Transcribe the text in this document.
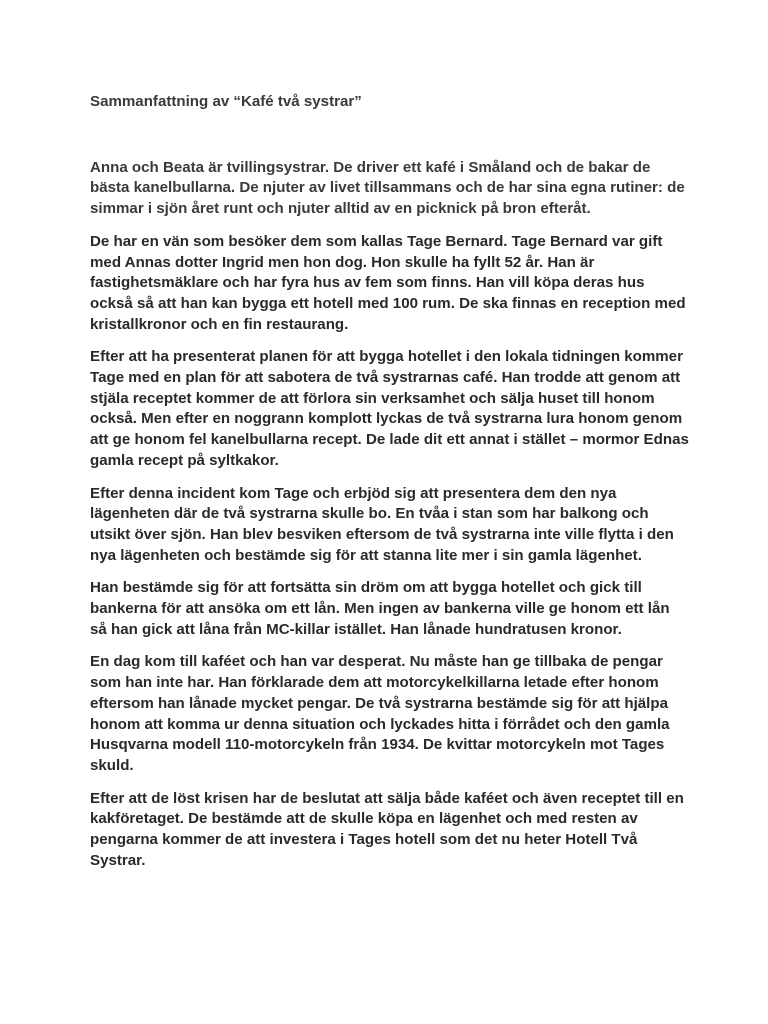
Sammanfattning av “Kafé två systrar”

Anna och Beata är tvillingsystrar. De driver ett kafé i Småland och de bakar de bästa kanelbullarna. De njuter av livet tillsammans och de har sina egna rutiner: de simmar i sjön året runt och njuter alltid av en picknick på bron efteråt.

De har en vän som besöker dem som kallas Tage Bernard. Tage Bernard var gift med Annas dotter Ingrid men hon dog. Hon skulle ha fyllt 52 år. Han är fastighetsmäklare och har fyra hus av fem som finns. Han vill köpa deras hus också så att han kan bygga ett hotell med 100 rum. De ska finnas en reception med kristallkronor och en fin restaurang.

Efter att ha presenterat planen för att bygga hotellet i den lokala tidningen kommer Tage med en plan för att sabotera de två systrarnas café. Han trodde att genom att stjäla receptet kommer de att förlora sin verksamhet och sälja huset till honom också. Men efter en noggrann komplott lyckas de två systrarna lura honom genom att ge honom fel kanelbullarna recept. De lade dit ett annat i stället – mormor Ednas gamla recept på syltkakor.

Efter denna incident kom Tage och erbjöd sig att presentera dem den nya lägenheten där de två systrarna skulle bo. En tvåa i stan som har balkong och utsikt över sjön. Han blev besviken eftersom de två systrarna inte ville flytta i den nya lägenheten och bestämde sig för att stanna lite mer i sin gamla lägenhet.

Han bestämde sig för att fortsätta sin dröm om att bygga hotellet och gick till bankerna för att ansöka om ett lån. Men ingen av bankerna ville ge honom ett lån så han gick att låna från MC-killar istället. Han lånade hundratusen kronor.

En dag kom till kaféet och han var desperat. Nu måste han ge tillbaka de pengar som han inte har. Han förklarade dem att motorcykelkillarna letade efter honom eftersom han lånade mycket pengar. De två systrarna bestämde sig för att hjälpa honom att komma ur denna situation och lyckades hitta i förrådet och den gamla Husqvarna modell 110-motorcykeln från 1934. De kvittar motorcykeln mot Tages skuld.

Efter att de löst krisen har de beslutat att sälja både kaféet och även receptet till en kakföretaget. De bestämde att de skulle köpa en lägenhet och med resten av pengarna kommer de att investera i Tages hotell som det nu heter Hotell Två Systrar.
